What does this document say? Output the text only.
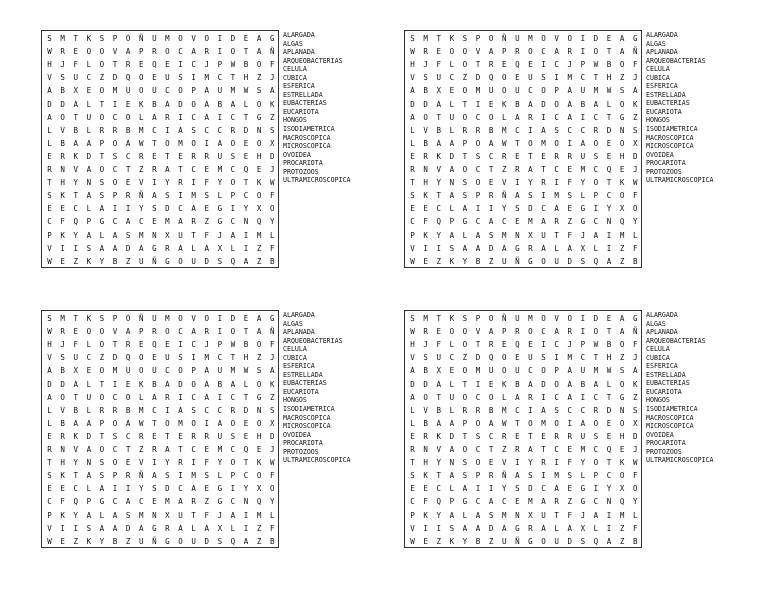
S	M	T	K	S	P	O	Ñ	U	M	O	V	O	I	D	E	A	G
W	R	E	O	O	V	A	P	R	O	C	A	R	I	O	T	A	Ñ
H	J	F	L	O	T	R	E	Q	E	I	C	J	P	W	B	O	F
V	S	U	C	Z	D	Q	O	E	U	S	I	M	C	T	H	Z	J
A	B	X	E	O	M	U	O	U	C	O	P	A	U	M	W	S	A
D	D	A	L	T	I	E	K	B	A	D	O	A	B	A	L	O	K
A	O	T	U	O	C	O	L	A	R	I	C	A	I	C	T	G	Z
L	V	B	L	R	R	B	M	C	I	A	S	C	C	R	D	N	S
L	B	A	A	P	O	A	W	T	O	M	O	I	A	O	E	O	X
E	R	K	D	T	S	C	R	E	T	E	R	R	U	S	E	H	D
R	N	V	A	O	C	T	Z	R	A	T	C	E	M	C	Q	E	J
T	H	Y	N	S	O	E	V	I	Y	R	I	F	Y	O	T	K	W
S	K	T	A	S	P	R	Ñ	A	S	I	M	S	L	P	C	O	F
E	E	C	L	A	I	I	Y	S	D	C	A	E	G	I	Y	X	O
C	F	Q	P	G	C	A	C	E	M	A	R	Z	G	C	N	Q	Y
P	K	Y	A	L	A	S	M	N	X	U	T	F	J	A	I	M	L
V	I	I	S	A	A	D	A	G	R	A	L	A	X	L	I	Z	F
W	E	Z	K	Y	B	Z	U	Ñ	G	O	U	D	S	Q	A	Z	B
ALARGADA
ALGAS
APLANADA
ARQUEOBACTERIAS
CELULA
CUBICA
ESFERICA
ESTRELLADA
EUBACTERIAS
EUCARIOTA
HONGOS
ISODIAMETRICA
MACROSCOPICA
MICROSCOPICA
OVOIDEA
PROCARIOTA
PROTOZOOS
ULTRAMICROSCOPICA
S	M	T	K	S	P	O	Ñ	U	M	O	V	O	I	D	E	A	G
W	R	E	O	O	V	A	P	R	O	C	A	R	I	O	T	A	Ñ
H	J	F	L	O	T	R	E	Q	E	I	C	J	P	W	B	O	F
V	S	U	C	Z	D	Q	O	E	U	S	I	M	C	T	H	Z	J
A	B	X	E	O	M	U	O	U	C	O	P	A	U	M	W	S	A
D	D	A	L	T	I	E	K	B	A	D	O	A	B	A	L	O	K
A	O	T	U	O	C	O	L	A	R	I	C	A	I	C	T	G	Z
L	V	B	L	R	R	B	M	C	I	A	S	C	C	R	D	N	S
L	B	A	A	P	O	A	W	T	O	M	O	I	A	O	E	O	X
E	R	K	D	T	S	C	R	E	T	E	R	R	U	S	E	H	D
R	N	V	A	O	C	T	Z	R	A	T	C	E	M	C	Q	E	J
T	H	Y	N	S	O	E	V	I	Y	R	I	F	Y	O	T	K	W
S	K	T	A	S	P	R	Ñ	A	S	I	M	S	L	P	C	O	F
E	E	C	L	A	I	I	Y	S	D	C	A	E	G	I	Y	X	O
C	F	Q	P	G	C	A	C	E	M	A	R	Z	G	C	N	Q	Y
P	K	Y	A	L	A	S	M	N	X	U	T	F	J	A	I	M	L
V	I	I	S	A	A	D	A	G	R	A	L	A	X	L	I	Z	F
W	E	Z	K	Y	B	Z	U	Ñ	G	O	U	D	S	Q	A	Z	B
ALARGADA
ALGAS
APLANADA
ARQUEOBACTERIAS
CELULA
CUBICA
ESFERICA
ESTRELLADA
EUBACTERIAS
EUCARIOTA
HONGOS
ISODIAMETRICA
MACROSCOPICA
MICROSCOPICA
OVOIDEA
PROCARIOTA
PROTOZOOS
ULTRAMICROSCOPICA
S	M	T	K	S	P	O	Ñ	U	M	O	V	O	I	D	E	A	G
W	R	E	O	O	V	A	P	R	O	C	A	R	I	O	T	A	Ñ
H	J	F	L	O	T	R	E	Q	E	I	C	J	P	W	B	O	F
V	S	U	C	Z	D	Q	O	E	U	S	I	M	C	T	H	Z	J
A	B	X	E	O	M	U	O	U	C	O	P	A	U	M	W	S	A
D	D	A	L	T	I	E	K	B	A	D	O	A	B	A	L	O	K
A	O	T	U	O	C	O	L	A	R	I	C	A	I	C	T	G	Z
L	V	B	L	R	R	B	M	C	I	A	S	C	C	R	D	N	S
L	B	A	A	P	O	A	W	T	O	M	O	I	A	O	E	O	X
E	R	K	D	T	S	C	R	E	T	E	R	R	U	S	E	H	D
R	N	V	A	O	C	T	Z	R	A	T	C	E	M	C	Q	E	J
T	H	Y	N	S	O	E	V	I	Y	R	I	F	Y	O	T	K	W
S	K	T	A	S	P	R	Ñ	A	S	I	M	S	L	P	C	O	F
E	E	C	L	A	I	I	Y	S	D	C	A	E	G	I	Y	X	O
C	F	Q	P	G	C	A	C	E	M	A	R	Z	G	C	N	Q	Y
P	K	Y	A	L	A	S	M	N	X	U	T	F	J	A	I	M	L
V	I	I	S	A	A	D	A	G	R	A	L	A	X	L	I	Z	F
W	E	Z	K	Y	B	Z	U	Ñ	G	O	U	D	S	Q	A	Z	B
ALARGADA
ALGAS
APLANADA
ARQUEOBACTERIAS
CELULA
CUBICA
ESFERICA
ESTRELLADA
EUBACTERIAS
EUCARIOTA
HONGOS
ISODIAMETRICA
MACROSCOPICA
MICROSCOPICA
OVOIDEA
PROCARIOTA
PROTOZOOS
ULTRAMICROSCOPICA
S	M	T	K	S	P	O	Ñ	U	M	O	V	O	I	D	E	A	G
W	R	E	O	O	V	A	P	R	O	C	A	R	I	O	T	A	Ñ
H	J	F	L	O	T	R	E	Q	E	I	C	J	P	W	B	O	F
V	S	U	C	Z	D	Q	O	E	U	S	I	M	C	T	H	Z	J
A	B	X	E	O	M	U	O	U	C	O	P	A	U	M	W	S	A
D	D	A	L	T	I	E	K	B	A	D	O	A	B	A	L	O	K
A	O	T	U	O	C	O	L	A	R	I	C	A	I	C	T	G	Z
L	V	B	L	R	R	B	M	C	I	A	S	C	C	R	D	N	S
L	B	A	A	P	O	A	W	T	O	M	O	I	A	O	E	O	X
E	R	K	D	T	S	C	R	E	T	E	R	R	U	S	E	H	D
R	N	V	A	O	C	T	Z	R	A	T	C	E	M	C	Q	E	J
T	H	Y	N	S	O	E	V	I	Y	R	I	F	Y	O	T	K	W
S	K	T	A	S	P	R	Ñ	A	S	I	M	S	L	P	C	O	F
E	E	C	L	A	I	I	Y	S	D	C	A	E	G	I	Y	X	O
C	F	Q	P	G	C	A	C	E	M	A	R	Z	G	C	N	Q	Y
P	K	Y	A	L	A	S	M	N	X	U	T	F	J	A	I	M	L
V	I	I	S	A	A	D	A	G	R	A	L	A	X	L	I	Z	F
W	E	Z	K	Y	B	Z	U	Ñ	G	O	U	D	S	Q	A	Z	B
ALARGADA
ALGAS
APLANADA
ARQUEOBACTERIAS
CELULA
CUBICA
ESFERICA
ESTRELLADA
EUBACTERIAS
EUCARIOTA
HONGOS
ISODIAMETRICA
MACROSCOPICA
MICROSCOPICA
OVOIDEA
PROCARIOTA
PROTOZOOS
ULTRAMICROSCOPICA
